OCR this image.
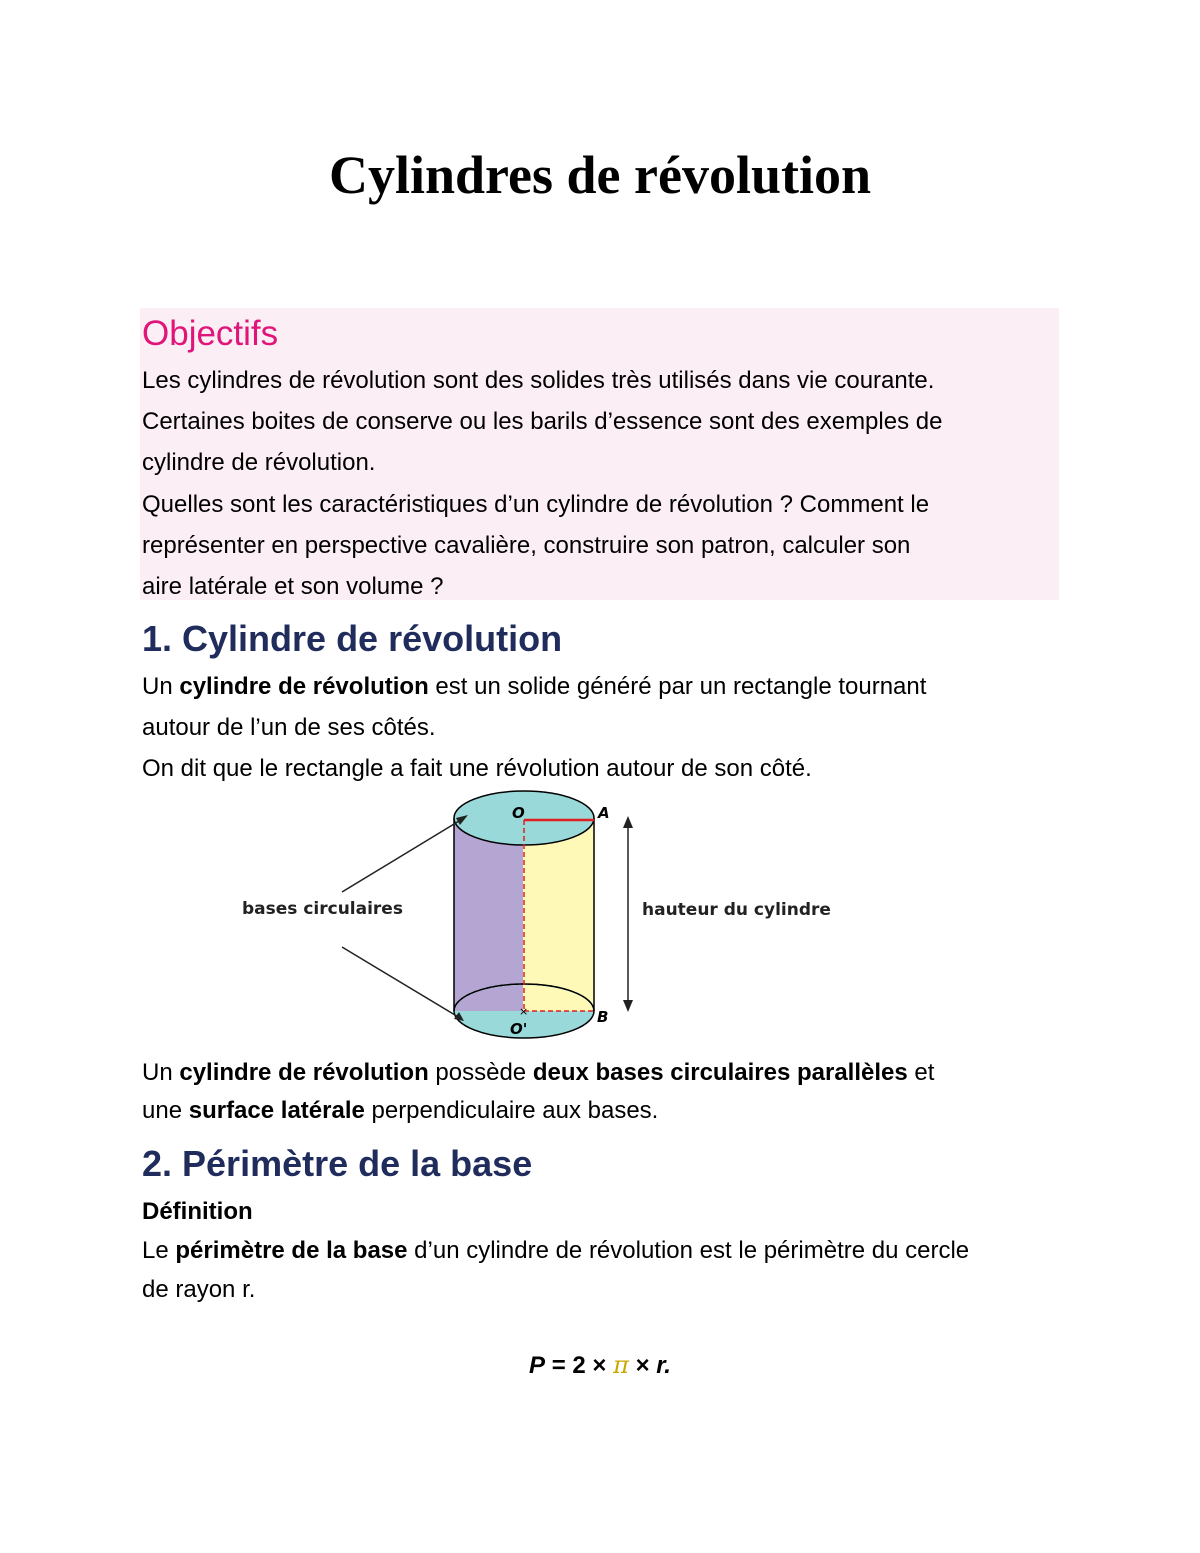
Cylindres de révolution
Objectifs
Les cylindres de révolution sont des solides très utilisés dans vie courante.
Certaines boites de conserve ou les barils d’essence sont des exemples de
cylindre de révolution.
Quelles sont les caractéristiques d’un cylindre de révolution ? Comment le
représenter en perspective cavalière, construire son patron, calculer son
aire latérale et son volume ?
1. Cylindre de révolution
Un cylindre de révolution est un solide généré par un rectangle tournant
autour de l’un de ses côtés.
On dit que le rectangle a fait une révolution autour de son côté.
×
O	A
O'
B
bases circulaires	hauteur du cylindre
Un cylindre de révolution possède deux bases circulaires parallèles et
une surface latérale perpendiculaire aux bases.
2. Périmètre de la base
Définition
Le périmètre de la base d’un cylindre de révolution est le périmètre du cercle
de rayon r.
P = 2 × π × r.
